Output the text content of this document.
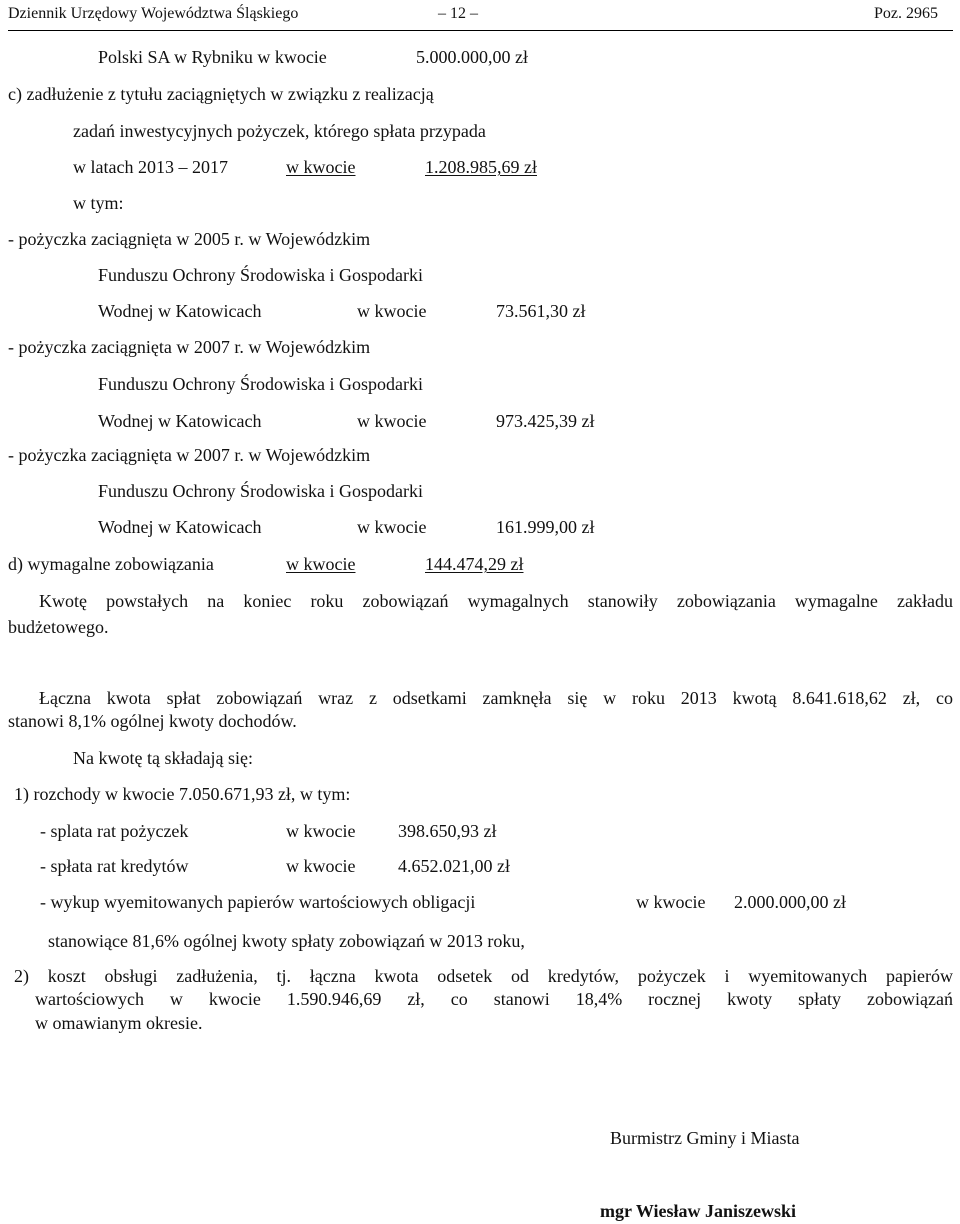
Dziennik Urzędowy Województwa Śląskiego	– 12 –	Poz. 2965
Polski SA w Rybniku w kwocie	5.000.000,00 zł
c) zadłużenie z tytułu zaciągniętych w związku z realizacją
zadań inwestycyjnych pożyczek, którego spłata przypada
w latach 2013 – 2017	w kwocie	1.208.985,69 zł
w tym:
- pożyczka zaciągnięta w 2005 r. w Wojewódzkim
Funduszu Ochrony Środowiska i Gospodarki
Wodnej w Katowicach	w kwocie	73.561,30 zł
- pożyczka zaciągnięta w 2007 r. w Wojewódzkim
Funduszu Ochrony Środowiska i Gospodarki
Wodnej w Katowicach	w kwocie	973.425,39 zł
- pożyczka zaciągnięta w 2007 r. w Wojewódzkim
Funduszu Ochrony Środowiska i Gospodarki
Wodnej w Katowicach	w kwocie	161.999,00 zł
d) wymagalne zobowiązania	w kwocie	144.474,29 zł
Kwotę powstałych na koniec roku zobowiązań wymagalnych stanowiły zobowiązania wymagalne zakładu
budżetowego.
Łączna kwota spłat zobowiązań wraz z odsetkami zamknęła się w roku 2013 kwotą 8.641.618,62 zł, co
stanowi 8,1% ogólnej kwoty dochodów.
Na kwotę tą składają się:
1) rozchody w kwocie 7.050.671,93 zł, w tym:
- splata rat pożyczek	w kwocie 398.650,93 zł
- spłata rat kredytów	w kwocie 4.652.021,00 zł
- wykup wyemitowanych papierów wartościowych obligacji	w kwocie 2.000.000,00 zł
stanowiące 81,6% ogólnej kwoty spłaty zobowiązań w 2013 roku,
2) koszt obsługi zadłużenia, tj. łączna kwota odsetek od kredytów, pożyczek i wyemitowanych papierów
wartościowych w kwocie 1.590.946,69 zł, co stanowi 18,4% rocznej kwoty spłaty zobowiązań
w omawianym okresie.
Burmistrz Gminy i Miasta
mgr Wiesław Janiszewski
